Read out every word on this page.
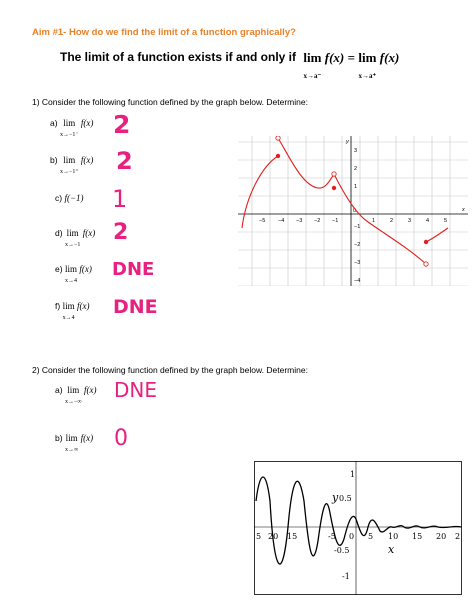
Aim #1- How do we find the limit of a function graphically?
The limit of a function exists if and only if lim
x→a⁻ f(x) = lim
x→a⁺ f(x)
1) Consider the following function defined by the graph below. Determine:
a) lim
x→−1⁻ f(x) 2
b) lim
x→−1⁺ f(x) 2
c) f(−1) 1
d) lim
x→−1 f(x) 2
e) lim
x→4 f(x) DNE
f) lim
x→4 f(x) DNE
−5 −4 −3 −2 −1
0
1	2	3	4	5
3
2
1
−1
−2
−3
−4
x
y
2) Consider the following function defined by the graph below. Determine:
a) lim
x→−∞ f(x) DNE
b) lim
x→∞ f(x) 0
5 20 15	-5 0 5 10 15 20 2
1
0.5
-0.5
-1
y
x
